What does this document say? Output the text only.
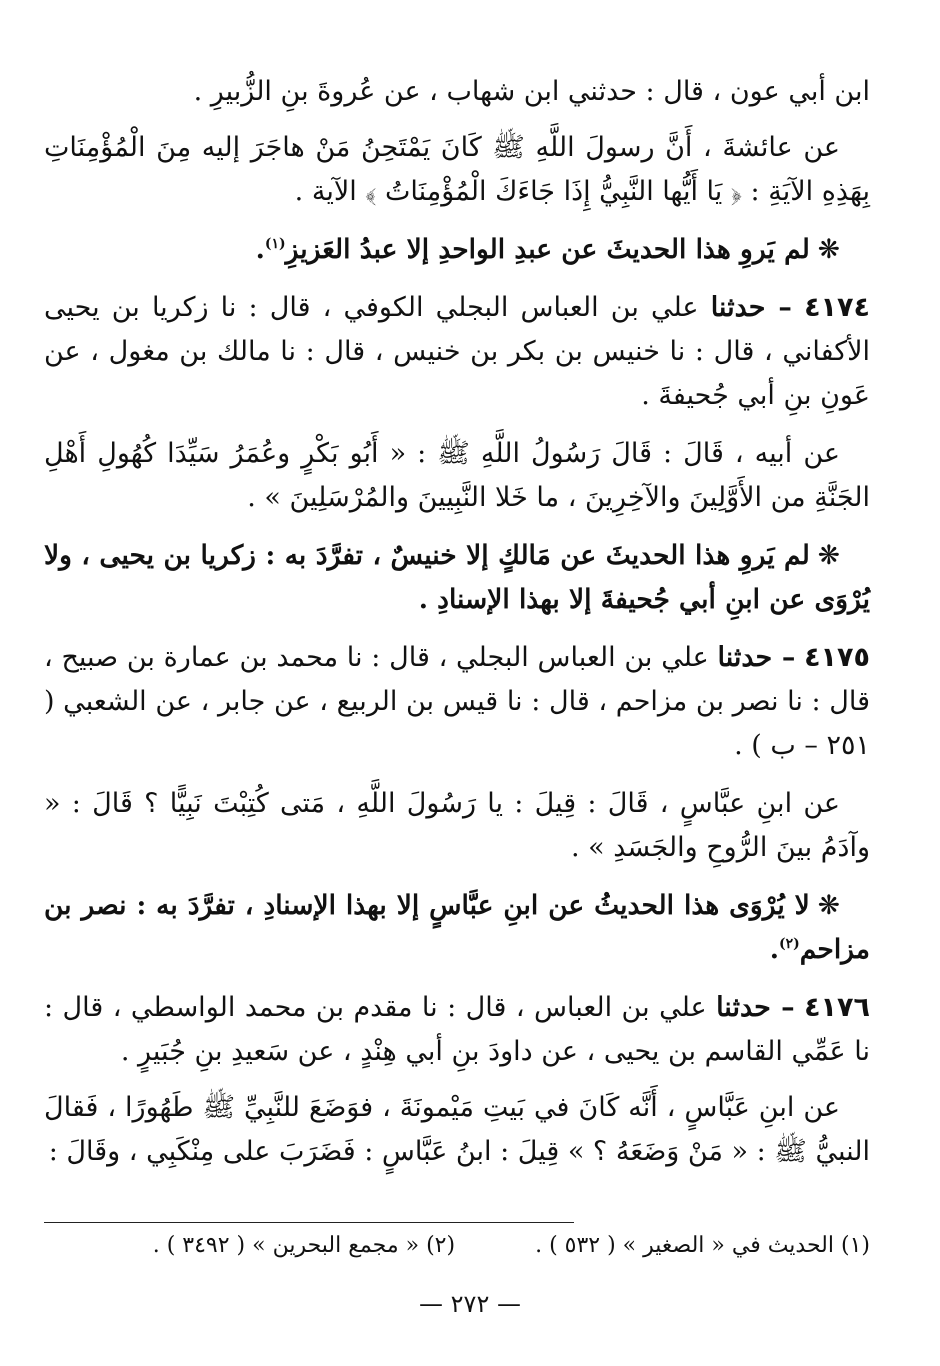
ابن أبي عون ، قال : حدثني ابن شهاب ، عن عُروةَ بنِ الزُّبيرِ .

عن عائشةَ ، أَنَّ رسولَ اللَّهِ ﷺ كَانَ يَمْتَحِنُ مَنْ هاجَرَ إليه مِنَ الْمُؤْمِنَاتِ بِهَذِهِ الآيَةِ : ﴿ يَا أَيُّها النَّبِيُّ إِذَا جَاءَكَ الْمُؤْمِنَاتُ ﴾ الآية .

❋لم يَروِ هذا الحديثَ عن عبدِ الواحدِ إلا عبدُ العَزيزِ$^{(١)}$.

٤١٧٤ – حدثنا علي بن العباس البجلي الكوفي ، قال : نا زكريا بن يحيى الأكفاني ، قال : نا خنيس بن بكر بن خنيس ، قال : نا مالك بن مغول ، عن عَونِ بنِ أبي جُحيفةَ .

عن أبيه ، قَالَ : قَالَ رَسُولُ اللَّهِ ﷺ : « أَبُو بَكْرٍ وعُمَرُ سَيِّدَا كُهُولِ أَهْلِ الجَنَّةِ من الأَوَّلِينَ والآخِرِينَ ، ما خَلا النَّبِيينَ والمُرْسَلِينَ » .

❋لم يَروِ هذا الحديثَ عن مَالكٍ إلا خنيسٌ ، تفرَّدَ به : زكريا بن يحيى ، ولا يُرْوَى عن ابنِ أبي جُحيفةَ إلا بهذا الإسنادِ .

٤١٧٥ – حدثنا علي بن العباس البجلي ، قال : نا محمد بن عمارة بن صبيح ، قال : نا نصر بن مزاحم ، قال : نا قيس بن الربيع ، عن جابر ، عن الشعبي ( ٢٥١ – ب ) .

عن ابنِ عبَّاسٍ ، قَالَ : قِيلَ : يا رَسُولَ اللَّهِ ، مَتى كُتِبْتَ نَبِيًّا ؟ قَالَ : « وآدَمُ بينَ الرُّوحِ والجَسَدِ » .

❋لا يُرْوَى هذا الحديثُ عن ابنِ عبَّاسٍ إلا بهذا الإسنادِ ، تفرَّدَ به : نصر بن مزاحم$^{(٢)}$.

٤١٧٦ – حدثنا علي بن العباس ، قال : نا مقدم بن محمد الواسطي ، قال : نا عَمِّي القاسم بن يحيى ، عن داودَ بنِ أبي هِنْدٍ ، عن سَعيدِ بنِ جُبَيرٍ .

عن ابنِ عَبَّاسٍ ، أَنَّه كَانَ في بَيتِ مَيْمونَةَ ، فوَضَعَ للنَّبِيِّ ﷺ طَهُورًا ، فَقالَ النبيُّ ﷺ : « مَنْ وَضَعَهُ ؟ » قِيلَ : ابنُ عَبَّاسٍ : فَضَرَبَ على مِنْكَبِي ، وقَالَ :

(١) الحديث في « الصغير » ( ٥٣٢ ) .
(٢) « مجمع البحرين » ( ٣٤٩٢ ) .
— ٢٧٢ —
